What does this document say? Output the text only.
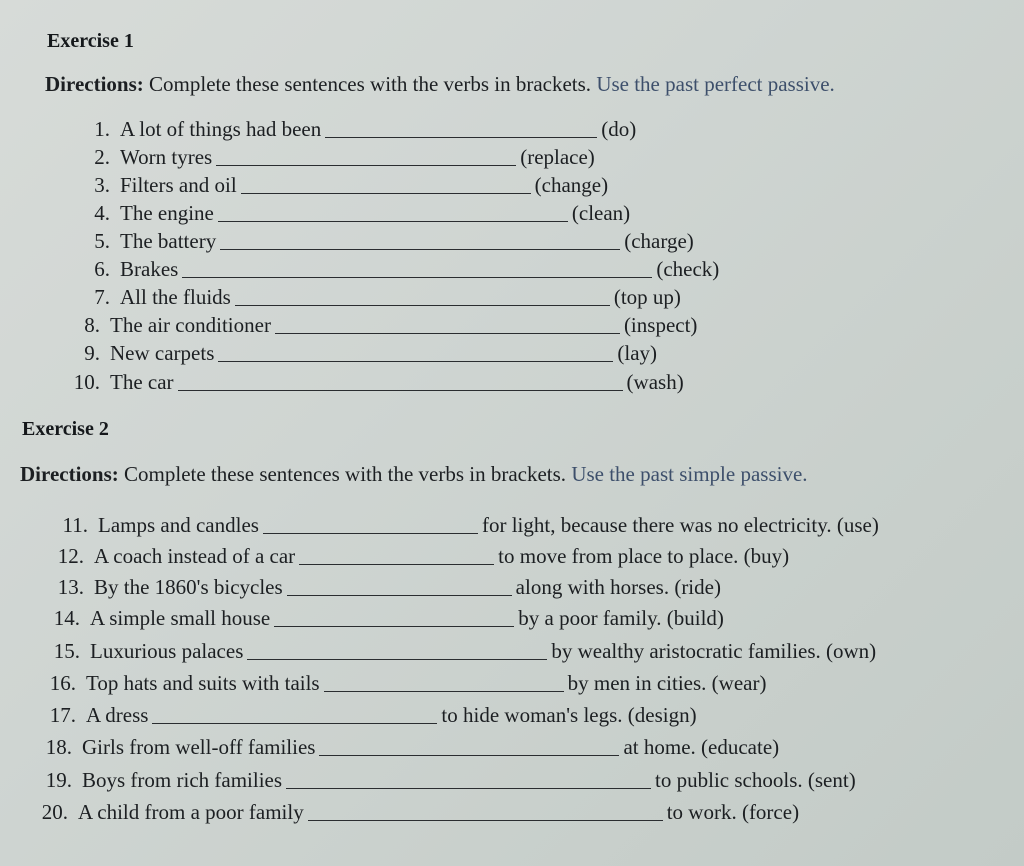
Exercise 1
Directions: Complete these sentences with the verbs in brackets. Use the past perfect passive.
1. A lot of things had been	(do)
2. Worn tyres	(replace)
3. Filters and oil	(change)
4. The engine	(clean)
5. The battery	(charge)
6. Brakes	(check)
7. All the fluids	(top up)
8. The air conditioner	(inspect)
9. New carpets	(lay)
10. The car	(wash)
Exercise 2
Directions: Complete these sentences with the verbs in brackets. Use the past simple passive.
11. Lamps and candles	for light, because there was no electricity. (use)
12. A coach instead of a car	to move from place to place. (buy)
13. By the 1860's bicycles	along with horses. (ride)
14. A simple small house	by a poor family. (build)
15. Luxurious palaces	by wealthy aristocratic families. (own)
16. Top hats and suits with tails	by men in cities. (wear)
17. A dress	to hide woman's legs. (design)
18. Girls from well-off families	at home. (educate)
19. Boys from rich families	to public schools. (sent)
20. A child from a poor family	to work. (force)
